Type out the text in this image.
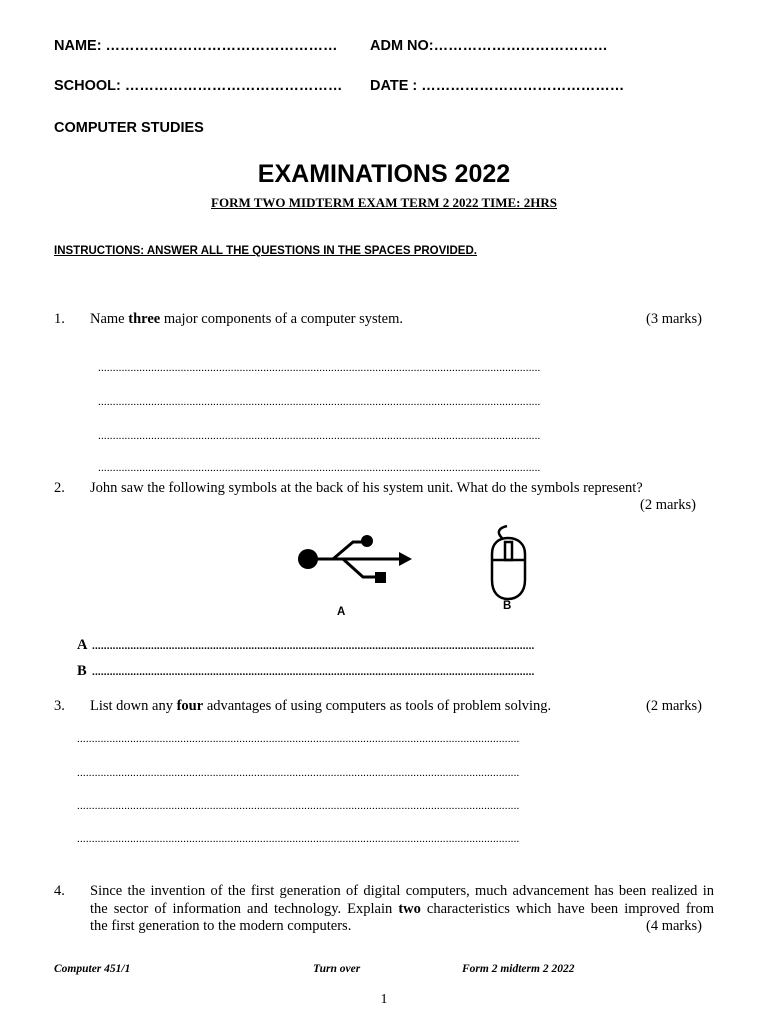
NAME: ………………………………………… ADM NO:………………………………
SCHOOL: ……………………………………… DATE : ……………………………………
COMPUTER STUDIES
EXAMINATIONS 2022
FORM TWO MIDTERM EXAM TERM 2 2022 TIME: 2HRS
INSTRUCTIONS: ANSWER ALL THE QUESTIONS IN THE SPACES PROVIDED.
1. Name three major components of a computer system.	(3 marks)
......................................................................................................................................................
......................................................................................................................................................
......................................................................................................................................................
......................................................................................................................................................
2. John saw the following symbols at the back of his system unit. What do the symbols represent?
(2 marks)
A	B
A ......................................................................................................................................................
B ......................................................................................................................................................
3. List down any four advantages of using computers as tools of problem solving.	(2 marks)
......................................................................................................................................................
......................................................................................................................................................
......................................................................................................................................................
......................................................................................................................................................
4. Since the invention of the first generation of digital computers, much advancement has been realized in
the sector of information and technology. Explain two characteristics which have been improved from
the first generation to the modern computers.	(4 marks)
Computer 451/1	Turn over	Form 2 midterm 2 2022
1
